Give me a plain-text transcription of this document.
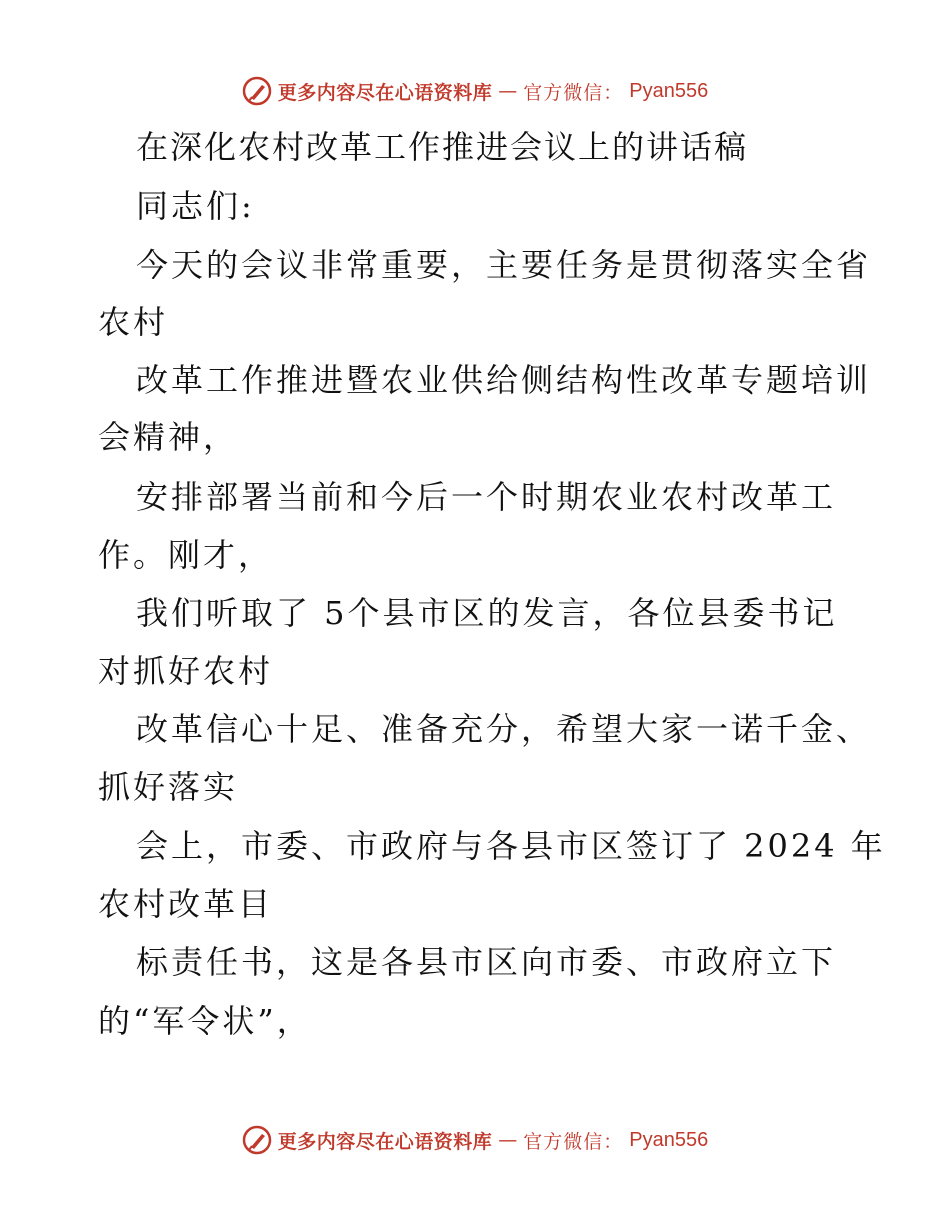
更多内容尽在心语资料库 — 官方微信： Pyan556
在深化农村改革工作推进会议上的讲话稿
同志们:
今天的会议非常重要，主要任务是贯彻落实全省
农村
改革工作推进暨农业供给侧结构性改革专题培训
会精神，
安排部署当前和今后一个时期农业农村改革工
作。刚才，
我们听取了 5个县市区的发言，各位县委书记
对抓好农村
改革信心十足、准备充分，希望大家一诺千金、
抓好落实
会上，市委、市政府与各县市区签订了 2024 年
农村改革目
标责任书，这是各县市区向市委、市政府立下
的“军令状”，
更多内容尽在心语资料库 — 官方微信： Pyan556
